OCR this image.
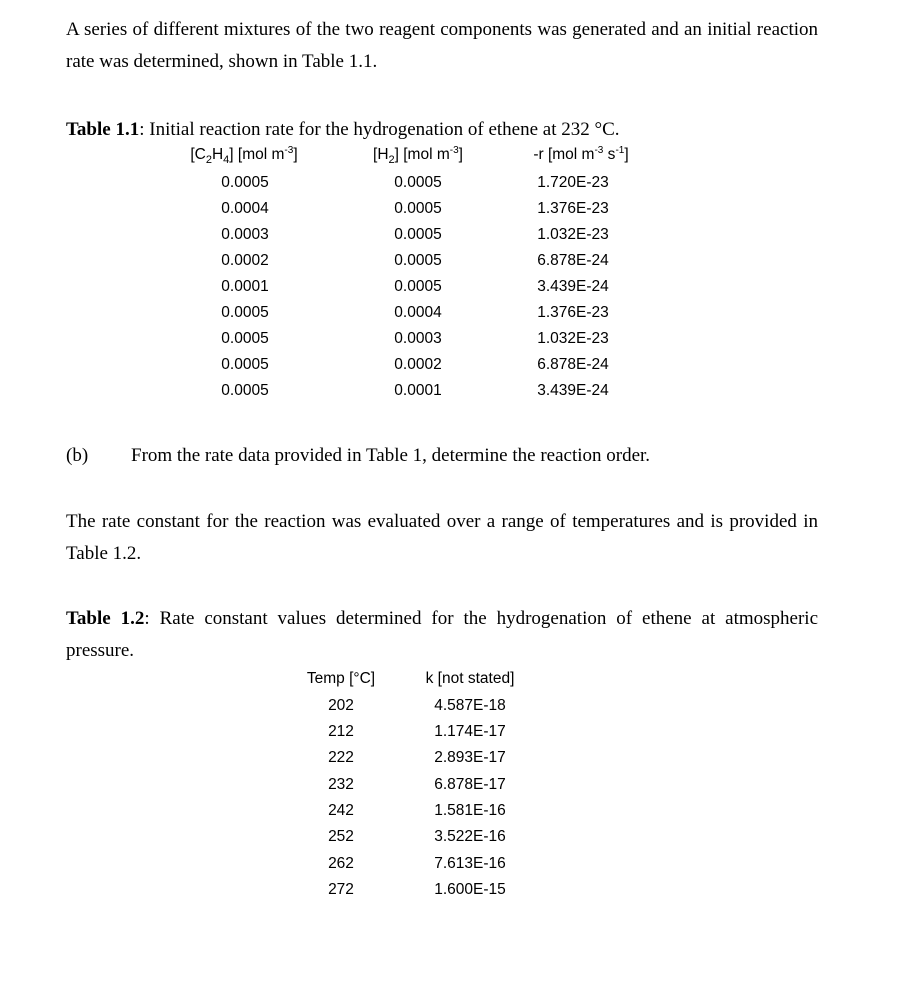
A series of different mixtures of the two reagent components was generated and an initial reaction rate was determined, shown in Table 1.1.

Table 1.1: Initial reaction rate for the hydrogenation of ethene at 232 °C.

$[C_2H_4]$ [mol $m^{-3}$]	$[H_2]$ [mol $m^{-3}$]	-r [mol $m^{-3}$ $s^{-1}$]
0.0005	0.0005	1.720E-23
0.0004	0.0005	1.376E-23
0.0003	0.0005	1.032E-23
0.0002	0.0005	6.878E-24
0.0001	0.0005	3.439E-24
0.0005	0.0004	1.376E-23
0.0005	0.0003	1.032E-23
0.0005	0.0002	6.878E-24
0.0005	0.0001	3.439E-24
(b) From the rate data provided in Table 1, determine the reaction order.

The rate constant for the reaction was evaluated over a range of temperatures and is provided in Table 1.2.

Table 1.2: Rate constant values determined for the hydrogenation of ethene at atmospheric pressure.

Temp [°C]	k [not stated]
202	4.587E-18
212	1.174E-17
222	2.893E-17
232	6.878E-17
242	1.581E-16
252	3.522E-16
262	7.613E-16
272	1.600E-15
